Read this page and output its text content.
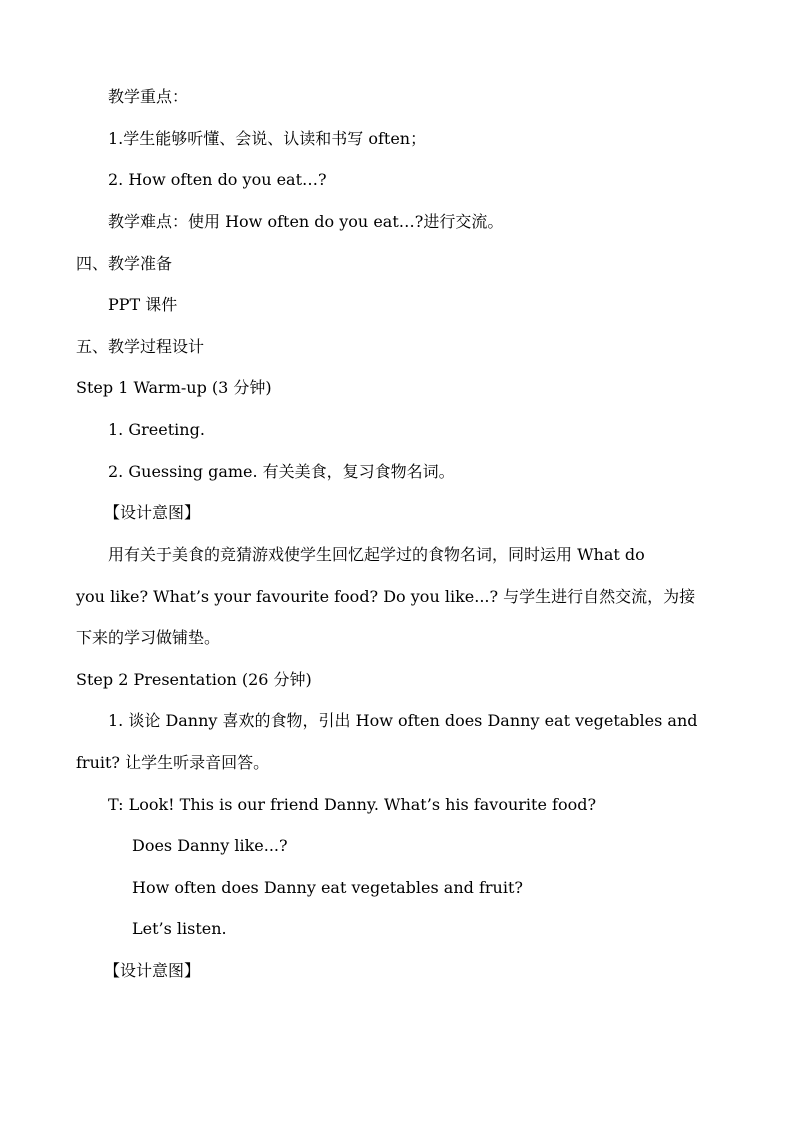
教学重点：
1.学生能够听懂、会说、认读和书写 often；
2. How often do you eat…?
教学难点：使用 How often do you eat…?进行交流。
四、教学准备
PPT 课件
五、教学过程设计
Step 1 Warm-up (3 分钟)
1. Greeting.
2. Guessing game. 有关美食，复习食物名词。
【设计意图】
用有关于美食的竞猜游戏使学生回忆起学过的食物名词，同时运用 What do
you like? What’s your favourite food? Do you like...? 与学生进行自然交流，为接
下来的学习做铺垫。
Step 2 Presentation (26 分钟)
1. 谈论 Danny 喜欢的食物，引出 How often does Danny eat vegetables and
fruit? 让学生听录音回答。
T: Look! This is our friend Danny. What’s his favourite food?
Does Danny like...?
How often does Danny eat vegetables and fruit?
Let’s listen.
【设计意图】
